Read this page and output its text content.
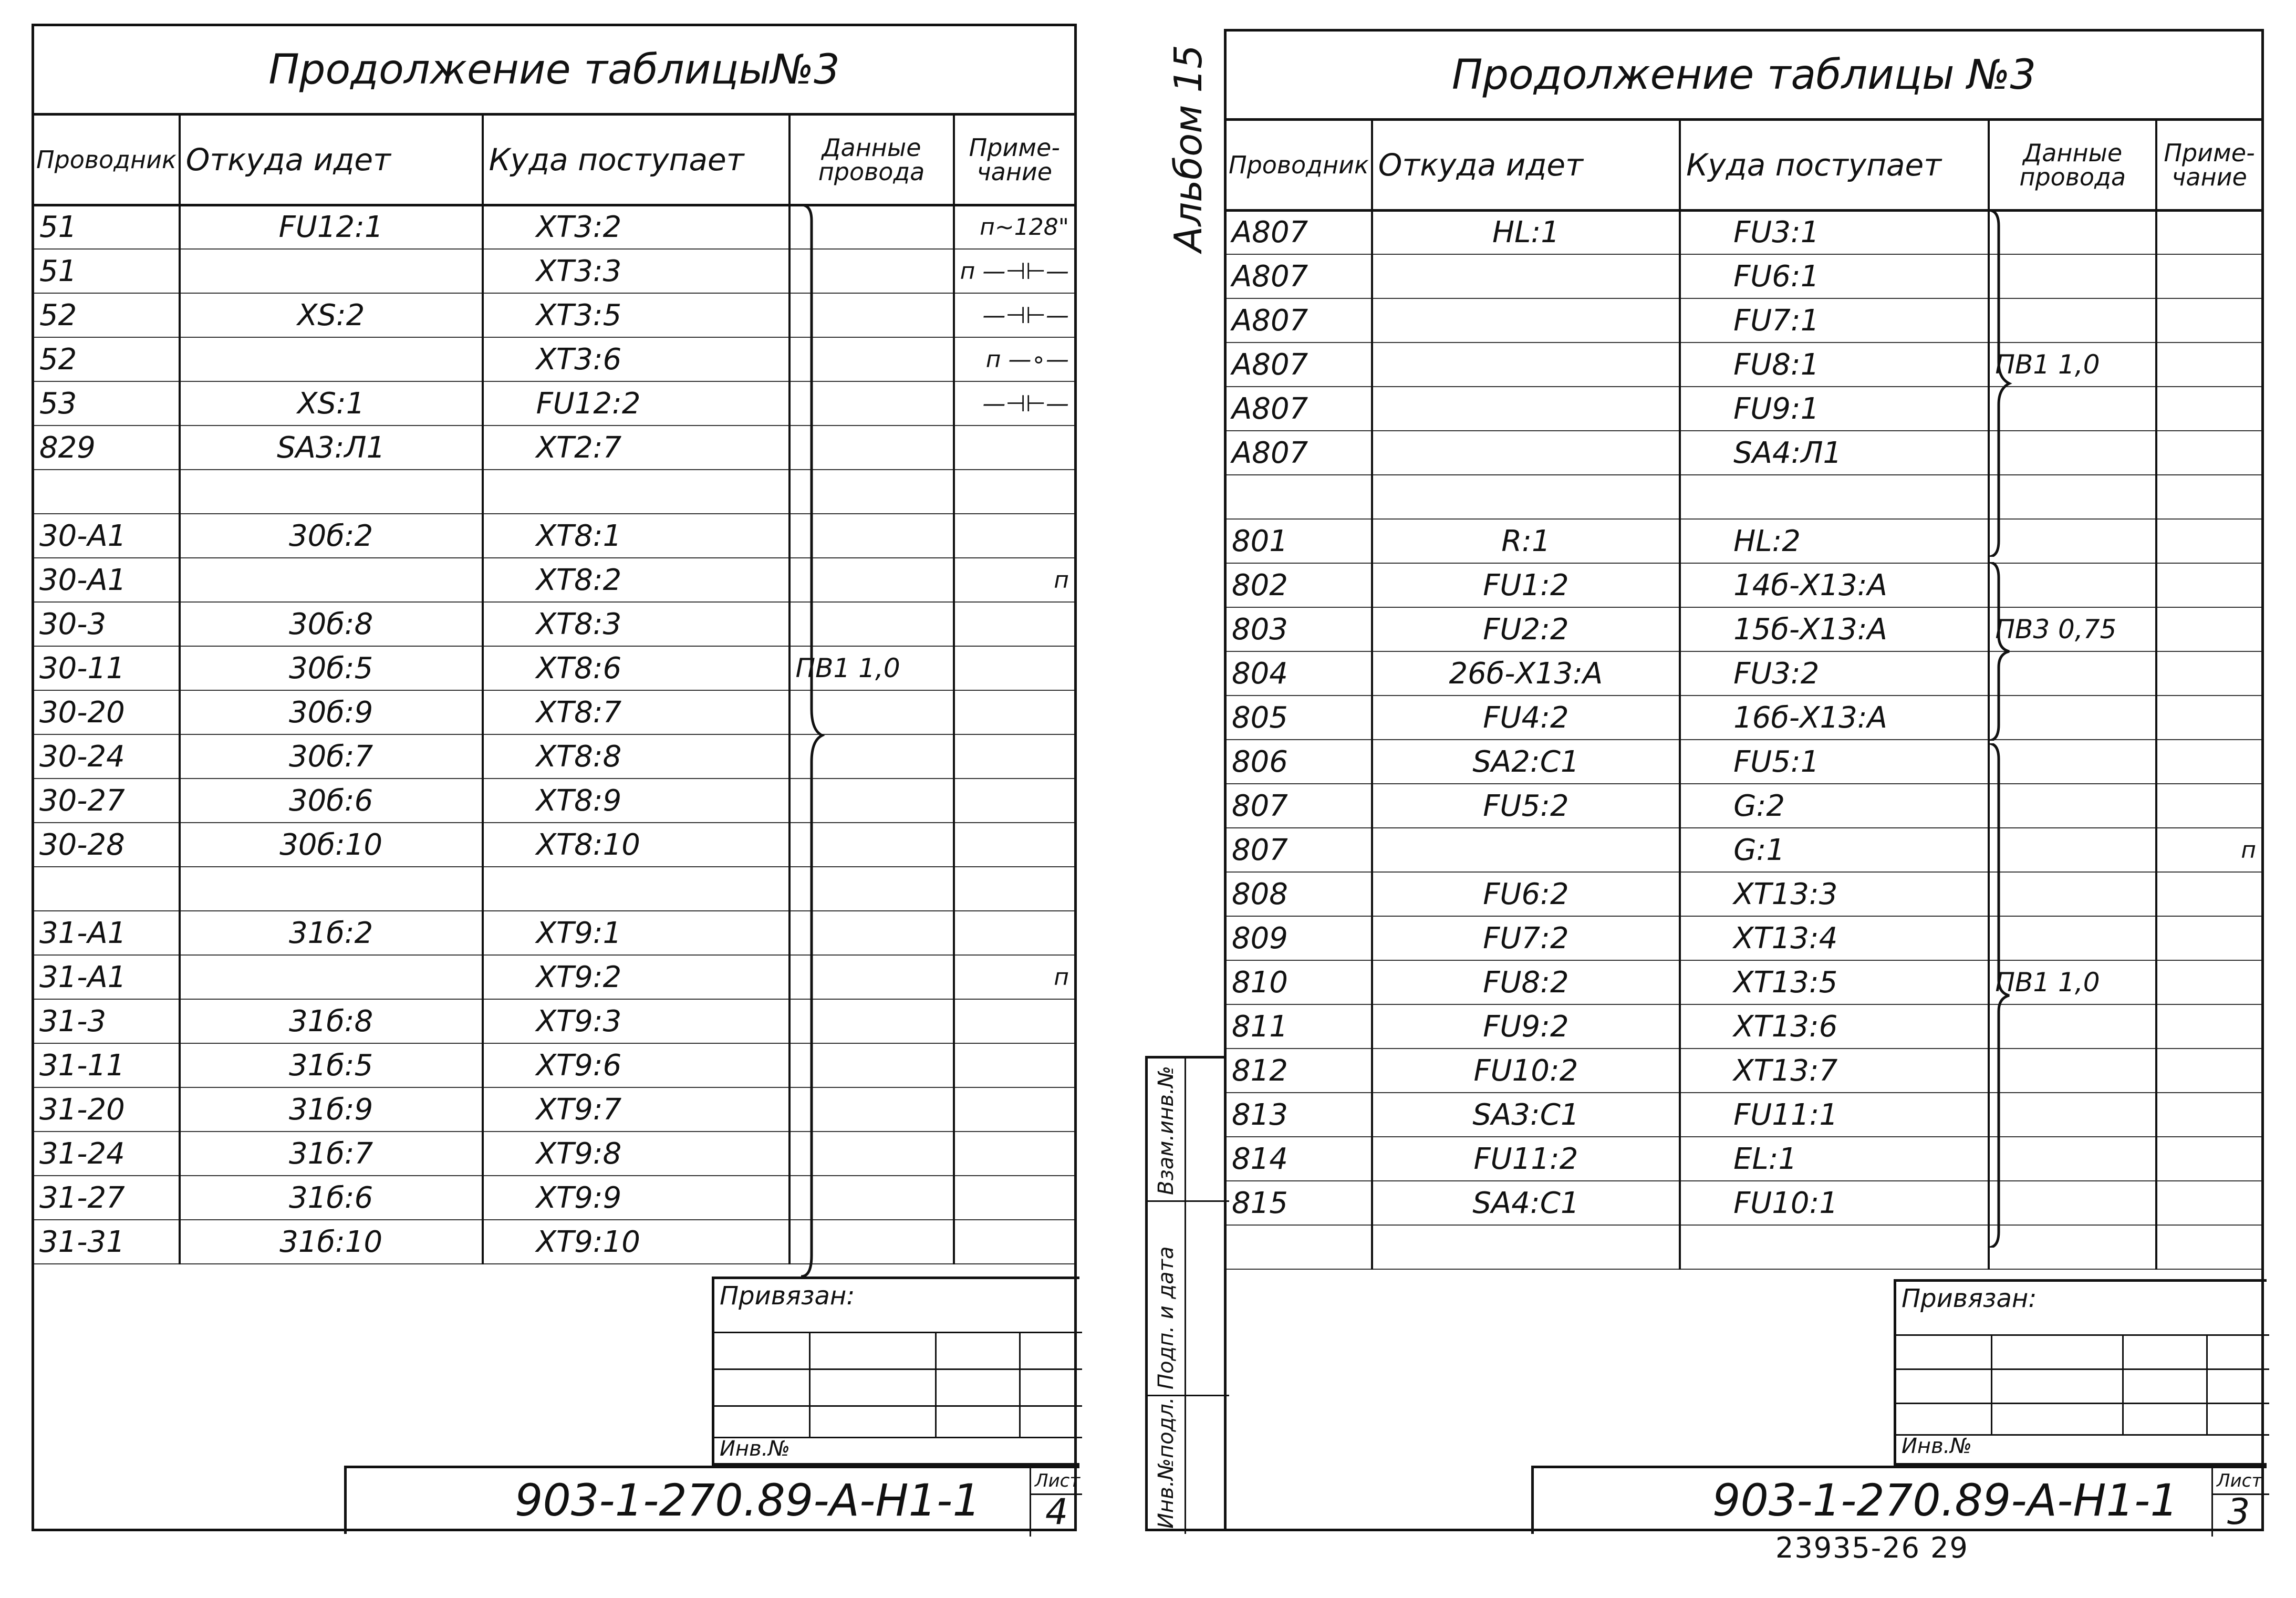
Продолжение таблицы№3
Проводник	Откуда идет	Куда поступает	Данные провода	Приме-чание
51	FU12:1	XT3:2		п~128"
51		XT3:3		п —⊣⊢—
52	XS:2	XT3:5		—⊣⊢—
52		XT3:6		п —∘—
53	XS:1	FU12:2		—⊣⊢—
829	SA3:Л1	XT2:7		

30-А1	30б:2	XT8:1		
30-А1		XT8:2		п
30-3	30б:8	XT8:3		
30-11	30б:5	XT8:6	ПВ1 1,0	
30-20	30б:9	XT8:7		
30-24	30б:7	XT8:8		
30-27	30б:6	XT8:9		
30-28	30б:10	XT8:10		

31-А1	31б:2	XT9:1		
31-А1		XT9:2		п
31-3	31б:8	XT9:3		
31-11	31б:5	XT9:6		
31-20	31б:9	XT9:7		
31-24	31б:7	XT9:8		
31-27	31б:6	XT9:9		
31-31	31б:10	XT9:10		
Привязан:
Инв.№
903-1-270.89-А-Н1-1	Лист
4
Альбом 15
Инв.№подл.
Подп. и дата
Взам.инв.№
Продолжение таблицы №3
Проводник	Откуда идет	Куда поступает	Данные провода	Приме-чание
А807	HL:1	FU3:1		
А807		FU6:1		
А807		FU7:1		
А807		FU8:1	ПВ1 1,0	
А807		FU9:1		
А807		SA4:Л1		

801	R:1	HL:2		
802	FU1:2	14б-X13:А		
803	FU2:2	15б-X13:А	ПВ3 0,75	
804	26б-X13:А	FU3:2		
805	FU4:2	16б-X13:А		
806	SA2:С1	FU5:1		
807	FU5:2	G:2		
807		G:1		п
808	FU6:2	XT13:3		
809	FU7:2	XT13:4		
810	FU8:2	XT13:5	ПВ1 1,0	
811	FU9:2	XT13:6		
812	FU10:2	XT13:7		
813	SA3:С1	FU11:1		
814	FU11:2	EL:1		
815	SA4:С1	FU10:1		

Привязан:
Инв.№
903-1-270.89-А-Н1-1 Лист
3
23935-26 29
